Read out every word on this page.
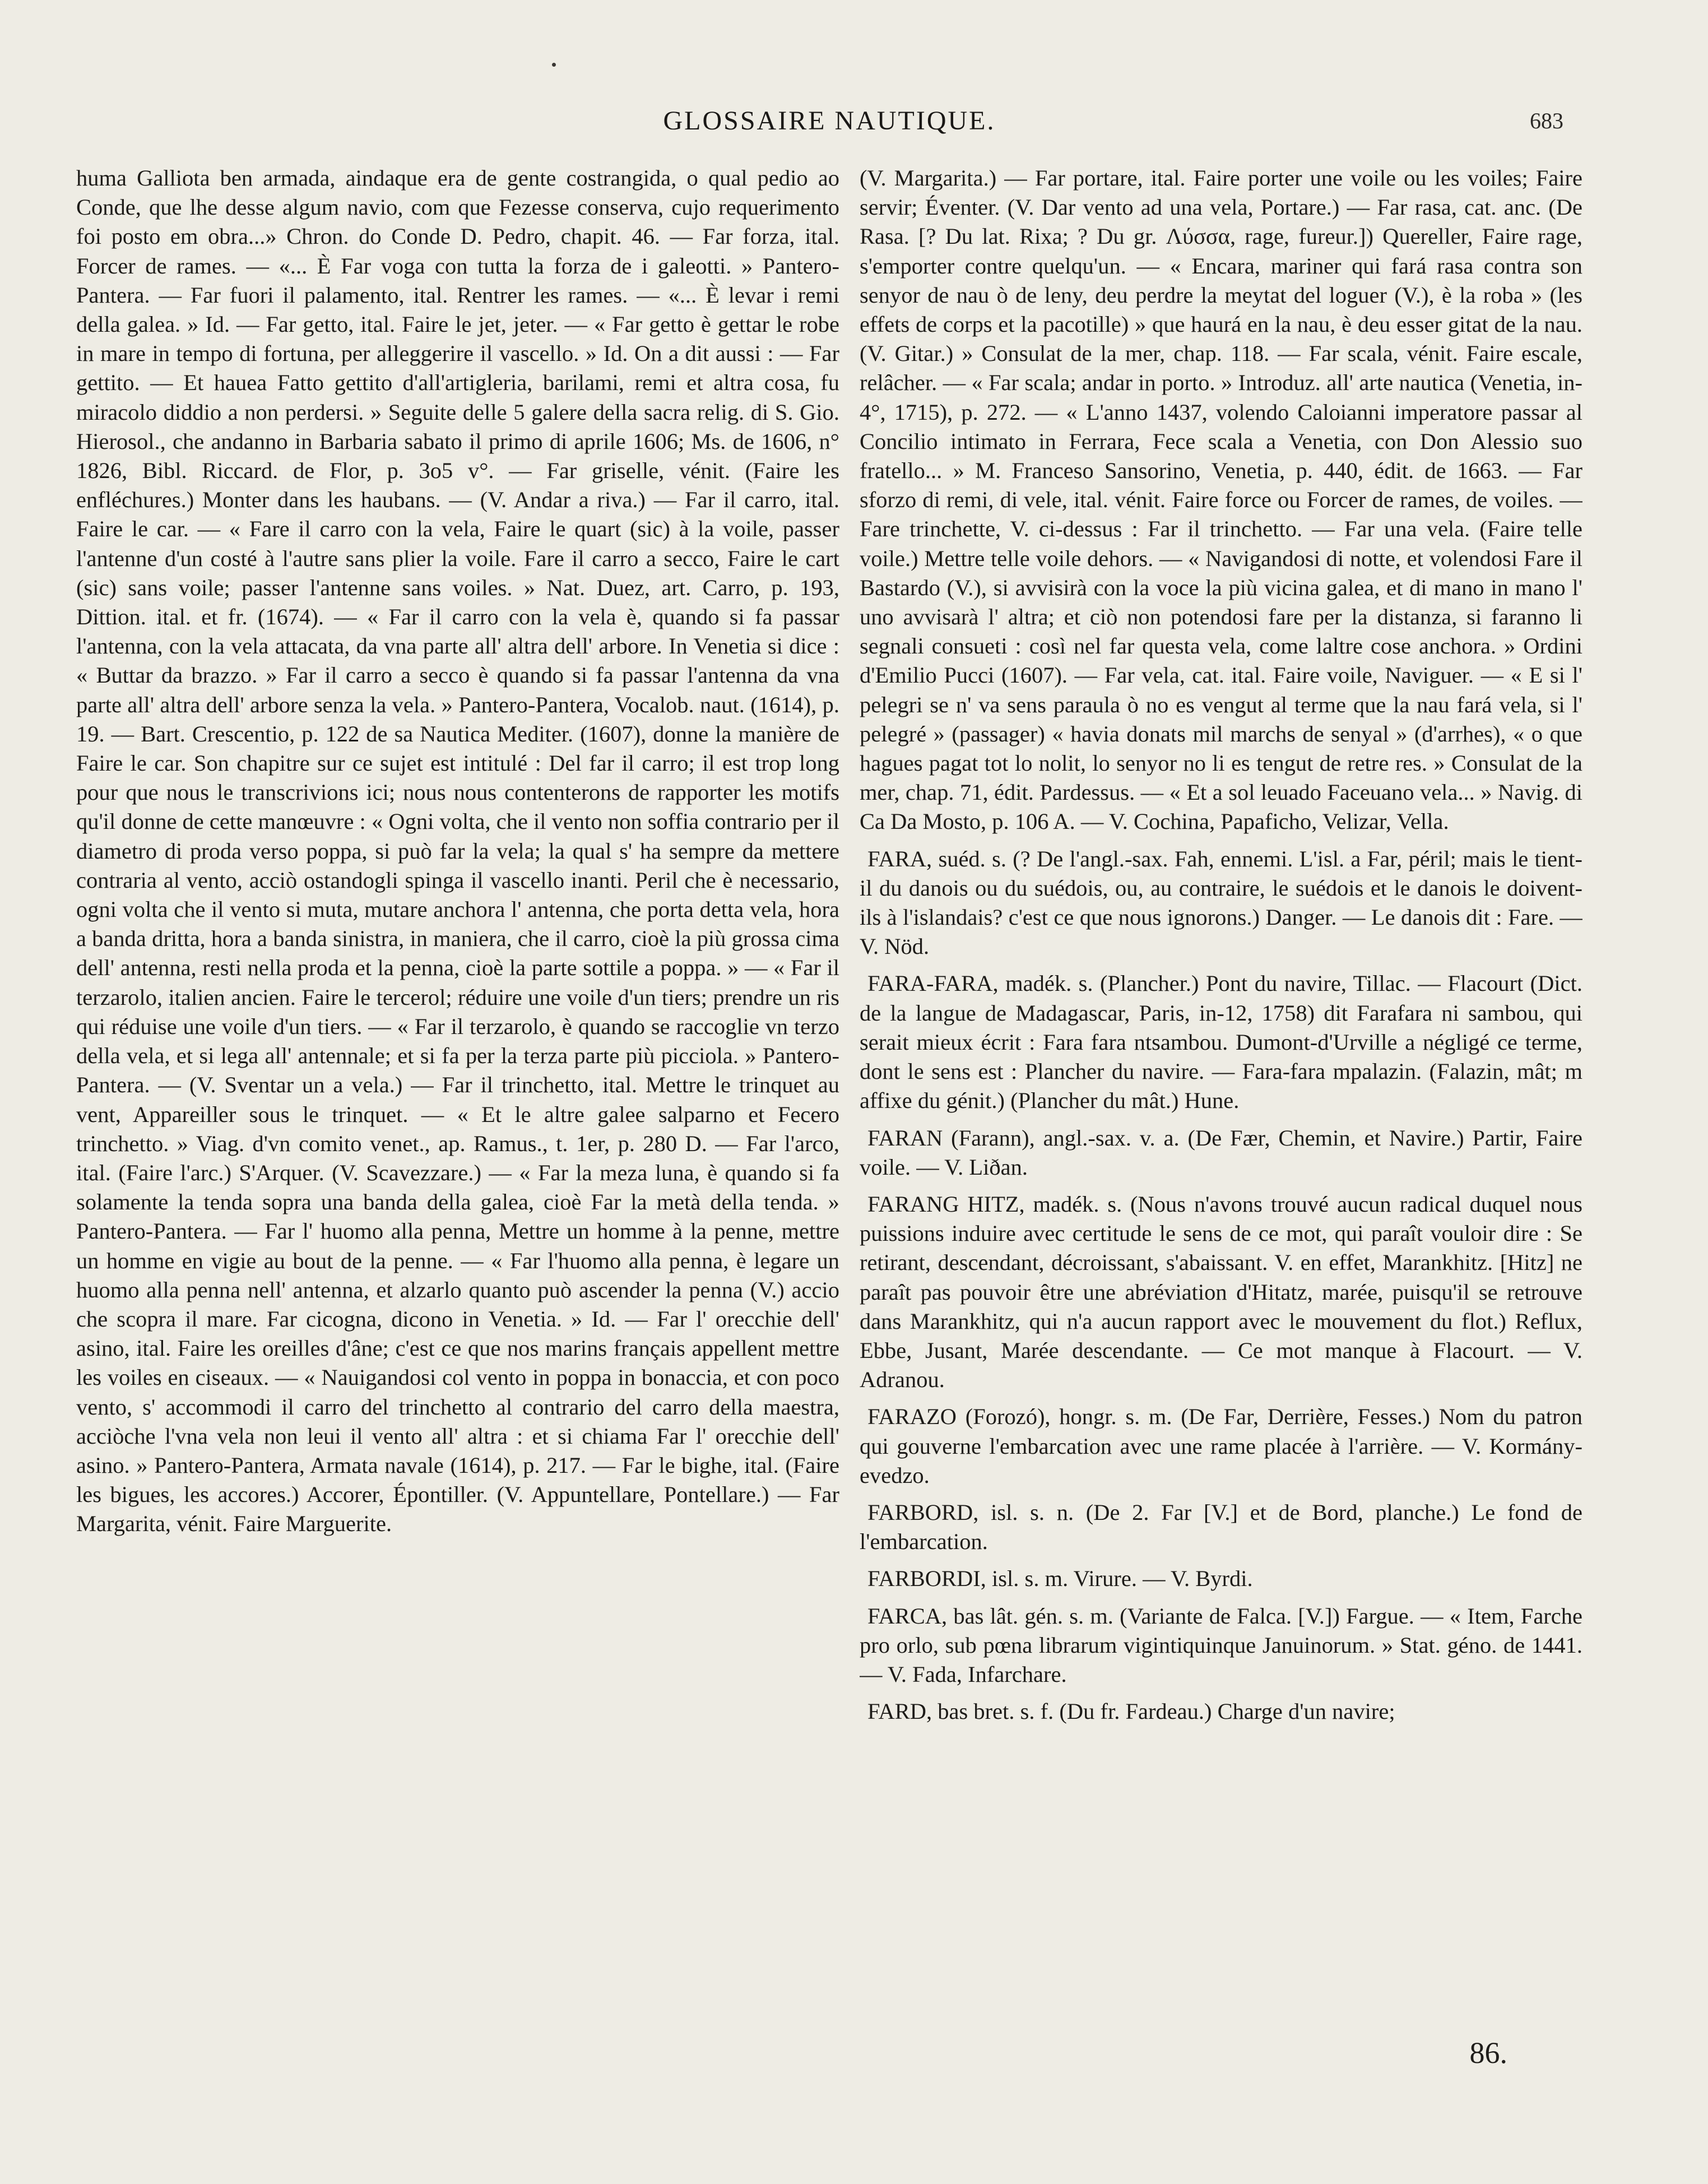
GLOSSAIRE NAUTIQUE.	683

huma Galliota ben armada, aindaque era de gente costrangida, o qual pedio ao Conde, que lhe desse algum navio, com que Fezesse conserva, cujo requerimento foi posto em obra...» Chron. do Conde D. Pedro, chapit. 46. — Far forza, ital. Forcer de rames. — «... È Far voga con tutta la forza de i galeotti. » Pantero-Pantera. — Far fuori il palamento, ital. Rentrer les rames. — «... È levar i remi della galea. » Id. — Far getto, ital. Faire le jet, jeter. — « Far getto è gettar le robe in mare in tempo di fortuna, per alleggerire il vascello. » Id. On a dit aussi : — Far gettito. — Et hauea Fatto gettito d'all'artigleria, barilami, remi et altra cosa, fu miracolo diddio a non perdersi. » Seguite delle 5 galere della sacra relig. di S. Gio. Hierosol., che andanno in Barbaria sabato il primo di aprile 1606; Ms. de 1606, n° 1826, Bibl. Riccard. de Flor, p. 3o5 v°. — Far griselle, vénit. (Faire les enfléchures.) Monter dans les haubans. — (V. Andar a riva.) — Far il carro, ital. Faire le car. — « Fare il carro con la vela, Faire le quart (sic) à la voile, passer l'antenne d'un costé à l'autre sans plier la voile. Fare il carro a secco, Faire le cart (sic) sans voile; passer l'antenne sans voiles. » Nat. Duez, art. Carro, p. 193, Dittion. ital. et fr. (1674). — « Far il carro con la vela è, quando si fa passar l'antenna, con la vela attacata, da vna parte all' altra dell' arbore. In Venetia si dice : « Buttar da brazzo. » Far il carro a secco è quando si fa passar l'antenna da vna parte all' altra dell' arbore senza la vela. » Pantero-Pantera, Vocalob. naut. (1614), p. 19. — Bart. Crescentio, p. 122 de sa Nautica Mediter. (1607), donne la manière de Faire le car. Son chapitre sur ce sujet est intitulé : Del far il carro; il est trop long pour que nous le transcrivions ici; nous nous contenterons de rapporter les motifs qu'il donne de cette manœuvre : « Ogni volta, che il vento non soffia contrario per il diametro di proda verso poppa, si può far la vela; la qual s' ha sempre da mettere contraria al vento, acciò ostandogli spinga il vascello inanti. Peril che è necessario, ogni volta che il vento si muta, mutare anchora l' antenna, che porta detta vela, hora a banda dritta, hora a banda sinistra, in maniera, che il carro, cioè la più grossa cima dell' antenna, resti nella proda et la penna, cioè la parte sottile a poppa. » — « Far il terzarolo, italien ancien. Faire le tercerol; réduire une voile d'un tiers; prendre un ris qui réduise une voile d'un tiers. — « Far il terzarolo, è quando se raccoglie vn terzo della vela, et si lega all' antennale; et si fa per la terza parte più picciola. » Pantero-Pantera. — (V. Sventar un a vela.) — Far il trinchetto, ital. Mettre le trinquet au vent, Appareiller sous le trinquet. — « Et le altre galee salparno et Fecero trinchetto. » Viag. d'vn comito venet., ap. Ramus., t. 1er, p. 280 D. — Far l'arco, ital. (Faire l'arc.) S'Arquer. (V. Scavezzare.) — « Far la meza luna, è quando si fa solamente la tenda sopra una banda della galea, cioè Far la metà della tenda. » Pantero-Pantera. — Far l' huomo alla penna, Mettre un homme à la penne, mettre un homme en vigie au bout de la penne. — « Far l'huomo alla penna, è legare un huomo alla penna nell' antenna, et alzarlo quanto può ascender la penna (V.) accio che scopra il mare. Far cicogna, dicono in Venetia. » Id. — Far l' orecchie dell' asino, ital. Faire les oreilles d'âne; c'est ce que nos marins français appellent mettre les voiles en ciseaux. — « Nauigandosi col vento in poppa in bonaccia, et con poco vento, s' accommodi il carro del trinchetto al contrario del carro della maestra, acciòche l'vna vela non leui il vento all' altra : et si chiama Far l' orecchie dell' asino. » Pantero-Pantera, Armata navale (1614), p. 217. — Far le bighe, ital. (Faire les bigues, les accores.) Accorer, Épontiller. (V. Appuntellare, Pontellare.) — Far Margarita, vénit. Faire Marguerite.

(V. Margarita.) — Far portare, ital. Faire porter une voile ou les voiles; Faire servir; Éventer. (V. Dar vento ad una vela, Portare.) — Far rasa, cat. anc. (De Rasa. [? Du lat. Rixa; ? Du gr. Λύσσα, rage, fureur.]) Quereller, Faire rage, s'emporter contre quelqu'un. — « Encara, mariner qui fará rasa contra son senyor de nau ò de leny, deu perdre la meytat del loguer (V.), è la roba » (les effets de corps et la pacotille) » que haurá en la nau, è deu esser gitat de la nau. (V. Gitar.) » Consulat de la mer, chap. 118. — Far scala, vénit. Faire escale, relâcher. — « Far scala; andar in porto. » Introduz. all' arte nautica (Venetia, in-4°, 1715), p. 272. — « L'anno 1437, volendo Caloianni imperatore passar al Concilio intimato in Ferrara, Fece scala a Venetia, con Don Alessio suo fratello... » M. Franceso Sansorino, Venetia, p. 440, édit. de 1663. — Far sforzo di remi, di vele, ital. vénit. Faire force ou Forcer de rames, de voiles. — Fare trinchette, V. ci-dessus : Far il trinchetto. — Far una vela. (Faire telle voile.) Mettre telle voile dehors. — « Navigandosi di notte, et volendosi Fare il Bastardo (V.), si avvisirà con la voce la più vicina galea, et di mano in mano l' uno avvisarà l' altra; et ciò non potendosi fare per la distanza, si faranno li segnali consueti : così nel far questa vela, come laltre cose anchora. » Ordini d'Emilio Pucci (1607). — Far vela, cat. ital. Faire voile, Naviguer. — « E si l' pelegri se n' va sens paraula ò no es vengut al terme que la nau fará vela, si l' pelegré » (passager) « havia donats mil marchs de senyal » (d'arrhes), « o que hagues pagat tot lo nolit, lo senyor no li es tengut de retre res. » Consulat de la mer, chap. 71, édit. Pardessus. — « Et a sol leuado Faceuano vela... » Navig. di Ca Da Mosto, p. 106 A. — V. Cochina, Papaficho, Velizar, Vella.

FARA, suéd. s. (? De l'angl.-sax. Fah, ennemi. L'isl. a Far, péril; mais le tient-il du danois ou du suédois, ou, au contraire, le suédois et le danois le doivent-ils à l'islandais? c'est ce que nous ignorons.) Danger. — Le danois dit : Fare. — V. Nöd.

FARA-FARA, madék. s. (Plancher.) Pont du navire, Tillac. — Flacourt (Dict. de la langue de Madagascar, Paris, in-12, 1758) dit Farafara ni sambou, qui serait mieux écrit : Fara fara ntsambou. Dumont-d'Urville a négligé ce terme, dont le sens est : Plancher du navire. — Fara-fara mpalazin. (Falazin, mât; m affixe du génit.) (Plancher du mât.) Hune.

FARAN (Farann), angl.-sax. v. a. (De Fær, Chemin, et Navire.) Partir, Faire voile. — V. Liðan.

FARANG HITZ, madék. s. (Nous n'avons trouvé aucun radical duquel nous puissions induire avec certitude le sens de ce mot, qui paraît vouloir dire : Se retirant, descendant, décroissant, s'abaissant. V. en effet, Marankhitz. [Hitz] ne paraît pas pouvoir être une abréviation d'Hitatz, marée, puisqu'il se retrouve dans Marankhitz, qui n'a aucun rapport avec le mouvement du flot.) Reflux, Ebbe, Jusant, Marée descendante. — Ce mot manque à Flacourt. — V. Adranou.

FARAZO (Forozó), hongr. s. m. (De Far, Derrière, Fesses.) Nom du patron qui gouverne l'embarcation avec une rame placée à l'arrière. — V. Kormány-evedzo.

FARBORD, isl. s. n. (De 2. Far [V.] et de Bord, planche.) Le fond de l'embarcation.

FARBORDI, isl. s. m. Virure. — V. Byrdi.

FARCA, bas lât. gén. s. m. (Variante de Falca. [V.]) Fargue. — « Item, Farche pro orlo, sub pœna librarum vigintiquinque Januinorum. » Stat. géno. de 1441. — V. Fada, Infarchare.

FARD, bas bret. s. f. (Du fr. Fardeau.) Charge d'un navire;

86.
